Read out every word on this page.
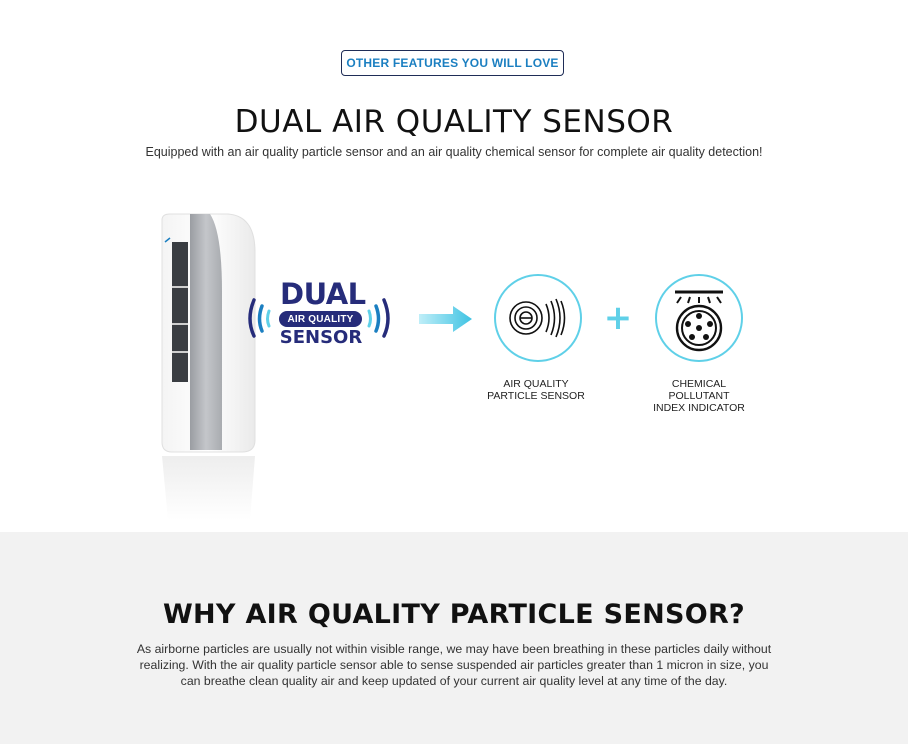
OTHER FEATURES YOU WILL LOVE
DUAL AIR QUALITY SENSOR

Equipped with an air quality particle sensor and an air quality chemical sensor for complete air quality detection!

DUAL
AIR QUALITY
SENSOR	+
AIR QUALITY
PARTICLE SENSOR
CHEMICAL
POLLUTANT
INDEX INDICATOR
WHY AIR QUALITY PARTICLE SENSOR?

As airborne particles are usually not within visible range, we may have been breathing in these particles daily without realizing. With the air quality particle sensor able to sense suspended air particles greater than 1 micron in size, you can breathe clean quality air and keep updated of your current air quality level at any time of the day.
